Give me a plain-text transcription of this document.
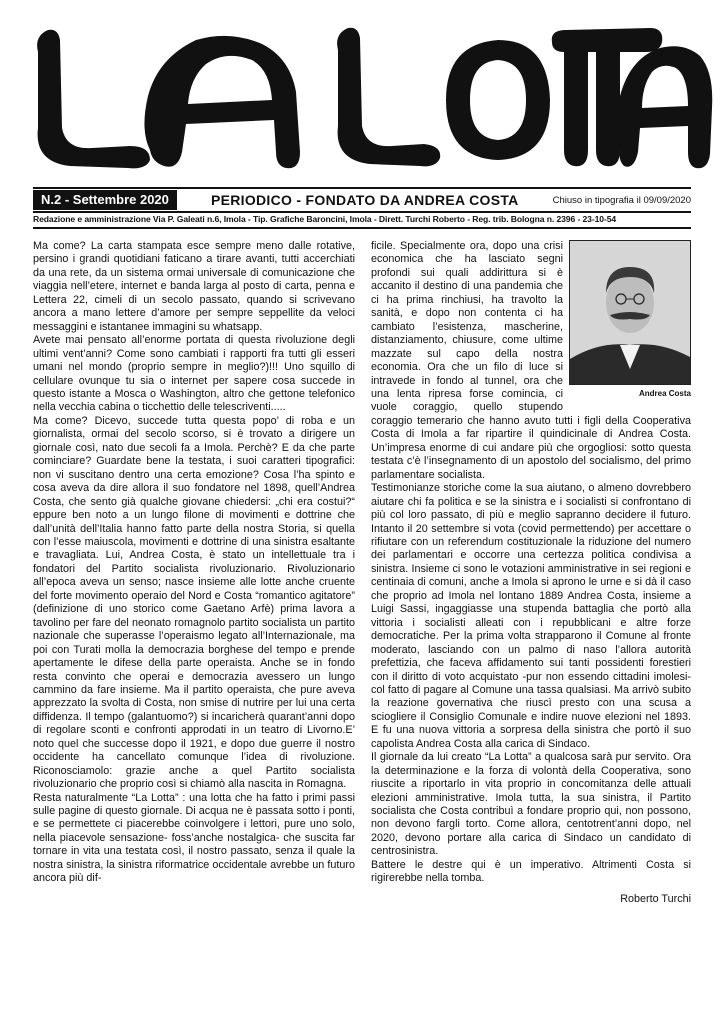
N.2 - Settembre 2020	PERIODICO - FONDATO DA ANDREA COSTA	Chiuso in tipografia il 09/09/2020
Redazione e amministrazione Via P. Galeati n.6, Imola - Tip. Grafiche Baroncini, Imola - Dirett. Turchi Roberto - Reg. trib. Bologna n. 2396 - 23-10-54

Ma come? La carta stampata esce sempre meno dalle rotative, persino i grandi quotidiani faticano a tirare avanti, tutti accerchiati da una rete, da un sistema ormai universale di comunicazione che viaggia nell’etere, internet e banda larga al posto di carta, penna e Lettera 22, cimeli di un secolo passato, quando si scrivevano ancora a mano lettere d’amore per sempre seppellite da veloci messaggini e istantanee immagini su whatsapp.

Avete mai pensato all’enorme portata di questa rivoluzione degli ultimi vent’anni? Come sono cambiati i rapporti fra tutti gli esseri umani nel mondo (proprio sempre in meglio?)!!! Uno squillo di cellulare ovunque tu sia o internet per sapere cosa succede in questo istante a Mosca o Washington, altro che gettone telefonico nella vecchia cabina o ticchettio delle telescriventi.....

Ma come? Dicevo, succede tutta questa popo’ di roba e un giornalista, ormai del secolo scorso, si è trovato a dirigere un giornale così, nato due secoli fa a Imola. Perchè? E da che parte cominciare? Guardate bene la testata, i suoi caratteri tipografici: non vi suscitano dentro una certa emozione? Cosa l’ha spinto e cosa aveva da dire allora il suo fondatore nel 1898, quell’Andrea Costa, che sento già qualche giovane chiedersi: „chi era costui?“ eppure ben noto a un lungo filone di movimenti e dottrine che dall’unità dell’Italia hanno fatto parte della nostra Storia, si quella con l’esse maiuscola, movimenti e dottrine di una sinistra esaltante e travagliata. Lui, Andrea Costa, è stato un intellettuale tra i fondatori del Partito socialista rivoluzionario. Rivoluzionario all’epoca aveva un senso; nasce insieme alle lotte anche cruente del forte movimento operaio del Nord e Costa “romantico agitatore” (definizione di uno storico come Gaetano Arfè) prima lavora a tavolino per fare del neonato romagnolo partito socialista un partito nazionale che superasse l’operaismo legato all’Internazionale, ma poi con Turati molla la democrazia borghese del tempo e prende apertamente le difese della parte operaista. Anche se in fondo resta convinto che operai e democrazia avessero un lungo cammino da fare insieme. Ma il partito operaista, che pure aveva apprezzato la svolta di Costa, non smise di nutrire per lui una certa diffidenza. Il tempo (galantuomo?) si incaricherà quarant’anni dopo di regolare sconti e confronti approdati in un teatro di Livorno.E’ noto quel che successe dopo il 1921, e dopo due guerre il nostro occidente ha cancellato comunque l’idea di rivoluzione. Riconosciamolo: grazie anche a quel Partito socialista rivoluzionario che proprio così si chiamò alla nascita in Romagna.

Resta naturalmente “La Lotta” : una lotta che ha fatto i primi passi sulle pagine di questo giornale. Di acqua ne è passata sotto i ponti, e se permettete ci piacerebbe coinvolgere i lettori, pure uno solo, nella piacevole sensazione- foss’anche nostalgica- che suscita far tornare in vita una testata così, il nostro passato, senza il quale la nostra sinistra, la sinistra riformatrice occidentale avrebbe un futuro ancora più dif-

Andrea Costa

ficile. Specialmente ora, dopo una crisi economica che ha lasciato segni profondi sui quali addirittura si è accanito il destino di una pandemia che ci ha prima rinchiusi, ha travolto la sanità, e dopo non contenta ci ha cambiato l’esistenza, mascherine, distanziamento, chiusure, come ultime mazzate sul capo della nostra economia. Ora che un filo di luce si intravede in fondo al tunnel, ora che una lenta ripresa forse comincia, ci vuole coraggio, quello stupendo coraggio temerario che hanno avuto tutti i figli della Cooperativa Costa di Imola a far ripartire il quindicinale di Andrea Costa. Un’impresa enorme di cui andare più che orgogliosi: sotto questa testata c’è l’insegnamento di un apostolo del socialismo, del primo parlamentare socialista.

Testimonianze storiche come la sua aiutano, o almeno dovrebbero aiutare chi fa politica e se la sinistra e i socialisti si confrontano di più col loro passato, di più e meglio sapranno decidere il futuro. Intanto il 20 settembre si vota (covid permettendo) per accettare o rifiutare con un referendum costituzionale la riduzione del numero dei parlamentari e occorre una certezza politica condivisa a sinistra. Insieme ci sono le votazioni amministrative in sei regioni e centinaia di comuni, anche a Imola si aprono le urne e si dà il caso che proprio ad Imola nel lontano 1889 Andrea Costa, insieme a Luigi Sassi, ingaggiasse una stupenda battaglia che portò alla vittoria i socialisti alleati con i repubblicani e altre forze democratiche. Per la prima volta strapparono il Comune al fronte moderato, lasciando con un palmo di naso l’allora autorità prefettizia, che faceva affidamento sui tanti possidenti forestieri con il diritto di voto acquistato -pur non essendo cittadini imolesi- col fatto di pagare al Comune una tassa qualsiasi. Ma arrivò subito la reazione governativa che riuscì presto con una scusa a sciogliere il Consiglio Comunale e indire nuove elezioni nel 1893. E fu una nuova vittoria a sorpresa della sinistra che portò il suo capolista Andrea Costa alla carica di Sindaco.

Il giornale da lui creato “La Lotta” a qualcosa sarà pur servito. Ora la determinazione e la forza di volontà della Cooperativa, sono riuscite a riportarlo in vita proprio in concomitanza delle attuali elezioni amministrative. Imola tutta, la sua sinistra, il Partito socialista che Costa contribuì a fondare proprio qui, non possono, non devono fargli torto. Come allora, centotrent’anni dopo, nel 2020, devono portare alla carica di Sindaco un candidato di centrosinistra.

Battere le destre qui è un imperativo. Altrimenti Costa si rigirerebbe nella tomba.

Roberto Turchi
